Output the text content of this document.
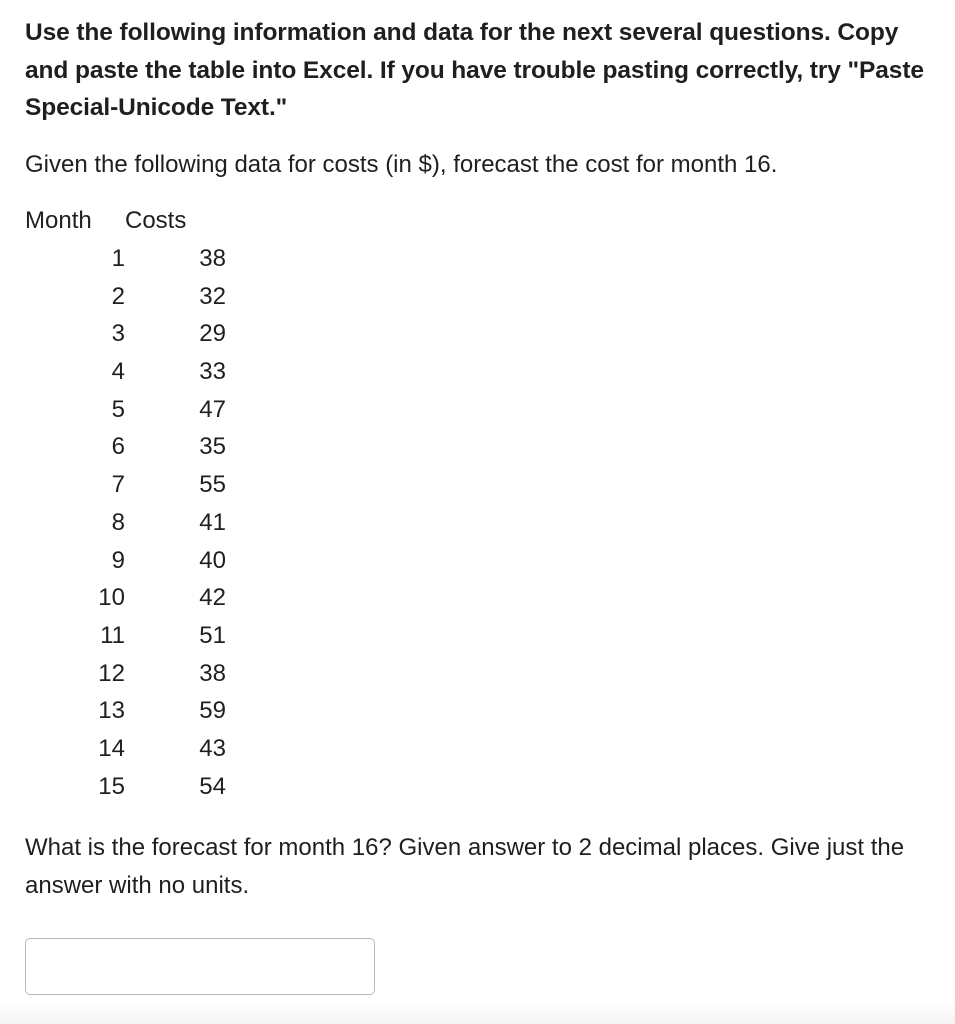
Use the following information and data for the next several questions. Copy and paste the table into Excel. If you have trouble pasting correctly, try "Paste Special-Unicode Text."

Given the following data for costs (in $), forecast the cost for month 16.

Month	Costs
1	38
2	32
3	29
4	33
5	47
6	35
7	55
8	41
9	40
10	42
11	51
12	38
13	59
14	43
15	54

What is the forecast for month 16? Given answer to 2 decimal places. Give just the answer with no units.
